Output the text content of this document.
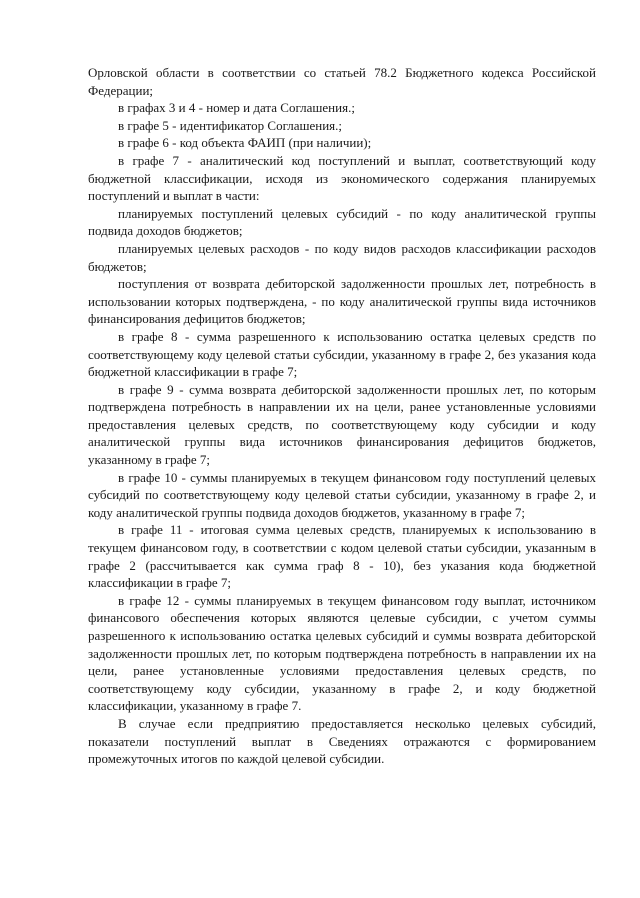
Орловской области в соответствии со статьей 78.2 Бюджетного кодекса Российской Федерации;

в графах 3 и 4 - номер и дата Соглашения.;

в графе 5 - идентификатор Соглашения.;

в графе 6 - код объекта ФАИП (при наличии);

в графе 7 - аналитический код поступлений и выплат, соответствующий коду бюджетной классификации, исходя из экономического содержания планируемых поступлений и выплат в части:

планируемых поступлений целевых субсидий - по коду аналитической группы подвида доходов бюджетов;

планируемых целевых расходов - по коду видов расходов классификации расходов бюджетов;

поступления от возврата дебиторской задолженности прошлых лет, потребность в использовании которых подтверждена, - по коду аналитической группы вида источников финансирования дефицитов бюджетов;

в графе 8 - сумма разрешенного к использованию остатка целевых средств по соответствующему коду целевой статьи субсидии, указанному в графе 2, без указания кода бюджетной классификации в графе 7;

в графе 9 - сумма возврата дебиторской задолженности прошлых лет, по которым подтверждена потребность в направлении их на цели, ранее установленные условиями предоставления целевых средств, по соответствующему коду субсидии и коду аналитической группы вида источников финансирования дефицитов бюджетов, указанному в графе 7;

в графе 10 - суммы планируемых в текущем финансовом году поступлений целевых субсидий по соответствующему коду целевой статьи субсидии, указанному в графе 2, и коду аналитической группы подвида доходов бюджетов, указанному в графе 7;

в графе 11 - итоговая сумма целевых средств, планируемых к использованию в текущем финансовом году, в соответствии с кодом целевой статьи субсидии, указанным в графе 2 (рассчитывается как сумма граф 8 - 10), без указания кода бюджетной классификации в графе 7;

в графе 12 - суммы планируемых в текущем финансовом году выплат, источником финансового обеспечения которых являются целевые субсидии, с учетом суммы разрешенного к использованию остатка целевых субсидий и суммы возврата дебиторской задолженности прошлых лет, по которым подтверждена потребность в направлении их на цели, ранее установленные условиями предоставления целевых средств, по соответствующему коду субсидии, указанному в графе 2, и коду бюджетной классификации, указанному в графе 7.

В случае если предприятию предоставляется несколько целевых субсидий, показатели поступлений выплат в Сведениях отражаются с формированием промежуточных итогов по каждой целевой субсидии.
